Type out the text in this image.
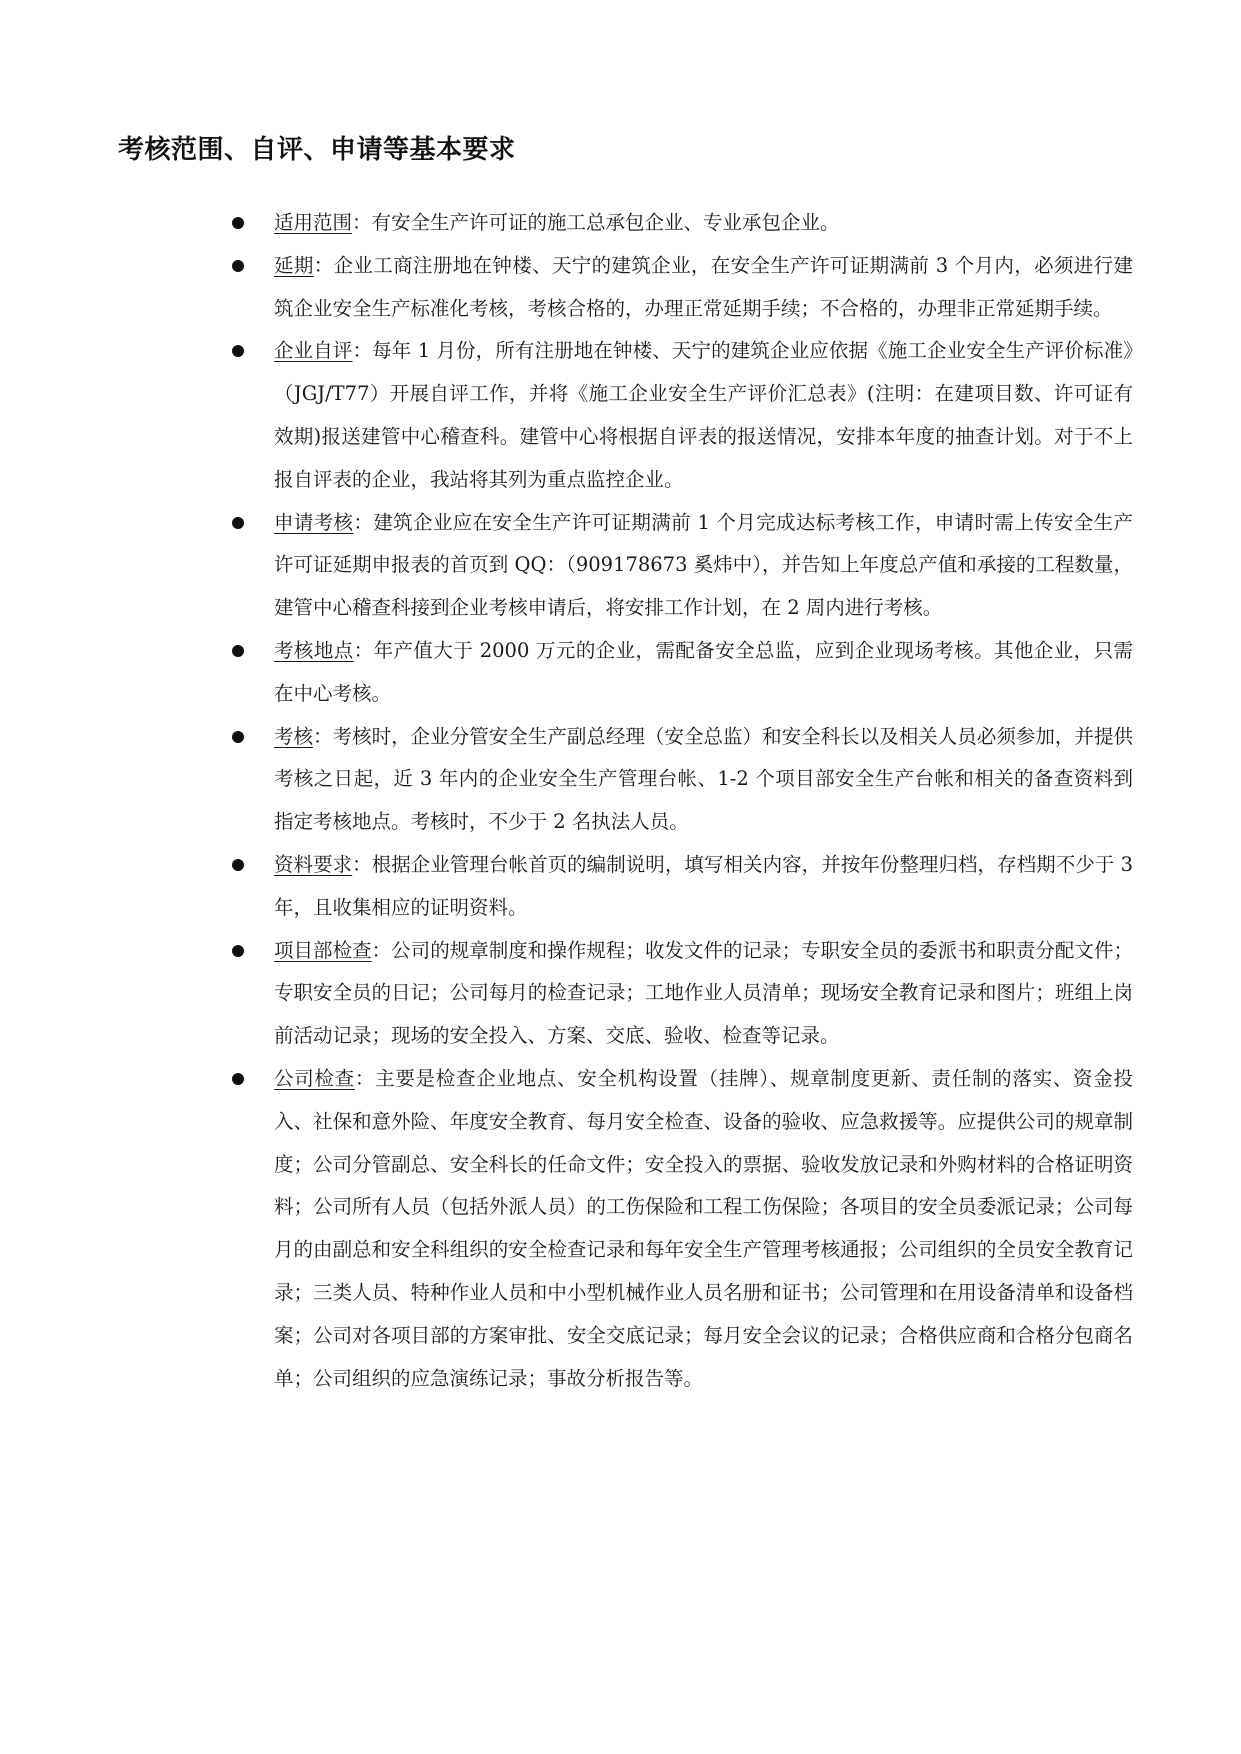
考核范围、自评、申请等基本要求
适用范围：有安全生产许可证的施工总承包企业、专业承包企业。
延期：企业工商注册地在钟楼、天宁的建筑企业，在安全生产许可证期满前 3 个月内，必须进行建筑企业安全生产标准化考核，考核合格的，办理正常延期手续；不合格的，办理非正常延期手续。
企业自评：每年 1 月份，所有注册地在钟楼、天宁的建筑企业应依据《施工企业安全生产评价标准》（JGJ/T77）开展自评工作，并将《施工企业安全生产评价汇总表》(注明：在建项目数、许可证有效期)报送建管中心稽查科。建管中心将根据自评表的报送情况，安排本年度的抽查计划。对于不上报自评表的企业，我站将其列为重点监控企业。
申请考核：建筑企业应在安全生产许可证期满前 1 个月完成达标考核工作，申请时需上传安全生产许可证延期申报表的首页到 QQ：（909178673 奚炜中），并告知上年度总产值和承接的工程数量，建管中心稽查科接到企业考核申请后，将安排工作计划，在 2 周内进行考核。
考核地点：年产值大于 2000 万元的企业，需配备安全总监，应到企业现场考核。其他企业，只需在中心考核。
考核：考核时，企业分管安全生产副总经理（安全总监）和安全科长以及相关人员必须参加，并提供考核之日起，近 3 年内的企业安全生产管理台帐、1-2 个项目部安全生产台帐和相关的备查资料到指定考核地点。考核时，不少于 2 名执法人员。
资料要求：根据企业管理台帐首页的编制说明，填写相关内容，并按年份整理归档，存档期不少于 3 年，且收集相应的证明资料。
项目部检查：公司的规章制度和操作规程；收发文件的记录；专职安全员的委派书和职责分配文件；专职安全员的日记；公司每月的检查记录；工地作业人员清单；现场安全教育记录和图片；班组上岗前活动记录；现场的安全投入、方案、交底、验收、检查等记录。
公司检查：主要是检查企业地点、安全机构设置（挂牌）、规章制度更新、责任制的落实、资金投入、社保和意外险、年度安全教育、每月安全检查、设备的验收、应急救援等。应提供公司的规章制度；公司分管副总、安全科长的任命文件；安全投入的票据、验收发放记录和外购材料的合格证明资料；公司所有人员（包括外派人员）的工伤保险和工程工伤保险；各项目的安全员委派记录；公司每月的由副总和安全科组织的安全检查记录和每年安全生产管理考核通报；公司组织的全员安全教育记录；三类人员、特种作业人员和中小型机械作业人员名册和证书；公司管理和在用设备清单和设备档案；公司对各项目部的方案审批、安全交底记录；每月安全会议的记录；合格供应商和合格分包商名单；公司组织的应急演练记录；事故分析报告等。
